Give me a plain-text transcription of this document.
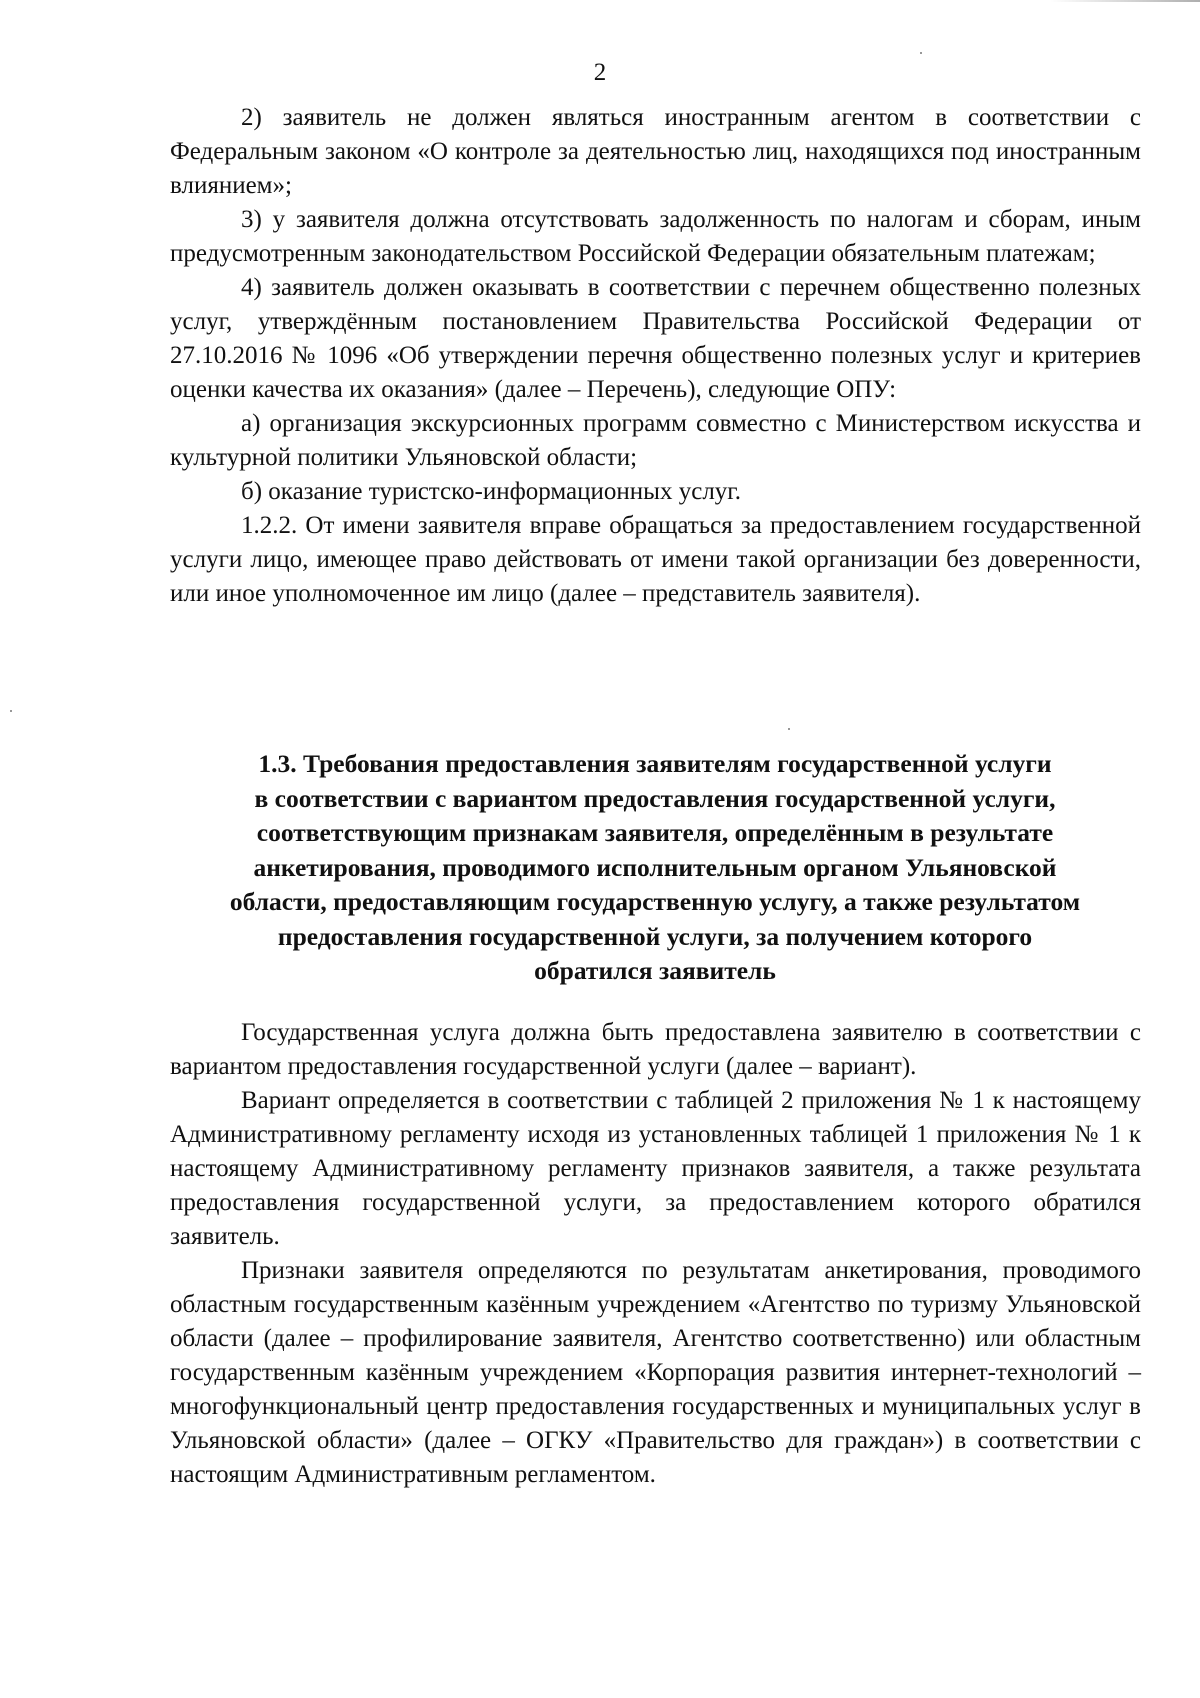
2

2) заявитель не должен являться иностранным агентом в соответствии с Федеральным законом «О контроле за деятельностью лиц, находящихся под иностранным влиянием»;

3) у заявителя должна отсутствовать задолженность по налогам и сборам, иным предусмотренным законодательством Российской Федерации обязательным платежам;

4) заявитель должен оказывать в соответствии с перечнем общественно полезных услуг, утверждённым постановлением Правительства Российской Федерации от 27.10.2016 № 1096 «Об утверждении перечня общественно полезных услуг и критериев оценки качества их оказания» (далее – Перечень), следующие ОПУ:

а) организация экскурсионных программ совместно с Министерством искусства и культурной политики Ульяновской области;

б) оказание туристско-информационных услуг.

1.2.2. От имени заявителя вправе обращаться за предоставлением государственной услуги лицо, имеющее право действовать от имени такой организации без доверенности, или иное уполномоченное им лицо (далее – представитель заявителя).

1.3. Требования предоставления заявителям государственной услуги
в соответствии с вариантом предоставления государственной услуги,
соответствующим признакам заявителя, определённым в результате
анкетирования, проводимого исполнительным органом Ульяновской
области, предоставляющим государственную услугу, а также результатом
предоставления государственной услуги, за получением которого
обратился заявитель

Государственная услуга должна быть предоставлена заявителю в соответствии с вариантом предоставления государственной услуги (далее – вариант).

Вариант определяется в соответствии с таблицей 2 приложения № 1 к настоящему Административному регламенту исходя из установленных таблицей 1 приложения № 1 к настоящему Административному регламенту признаков заявителя, а также результата предоставления государственной услуги, за предоставлением которого обратился заявитель.

Признаки заявителя определяются по результатам анкетирования, проводимого областным государственным казённым учреждением «Агентство по туризму Ульяновской области (далее – профилирование заявителя, Агентство соответственно) или областным государственным казённым учреждением «Корпорация развития интернет-технологий – многофункциональный центр предоставления государственных и муниципальных услуг в Ульяновской области» (далее – ОГКУ «Правительство для граждан») в соответствии с настоящим Административным регламентом.
